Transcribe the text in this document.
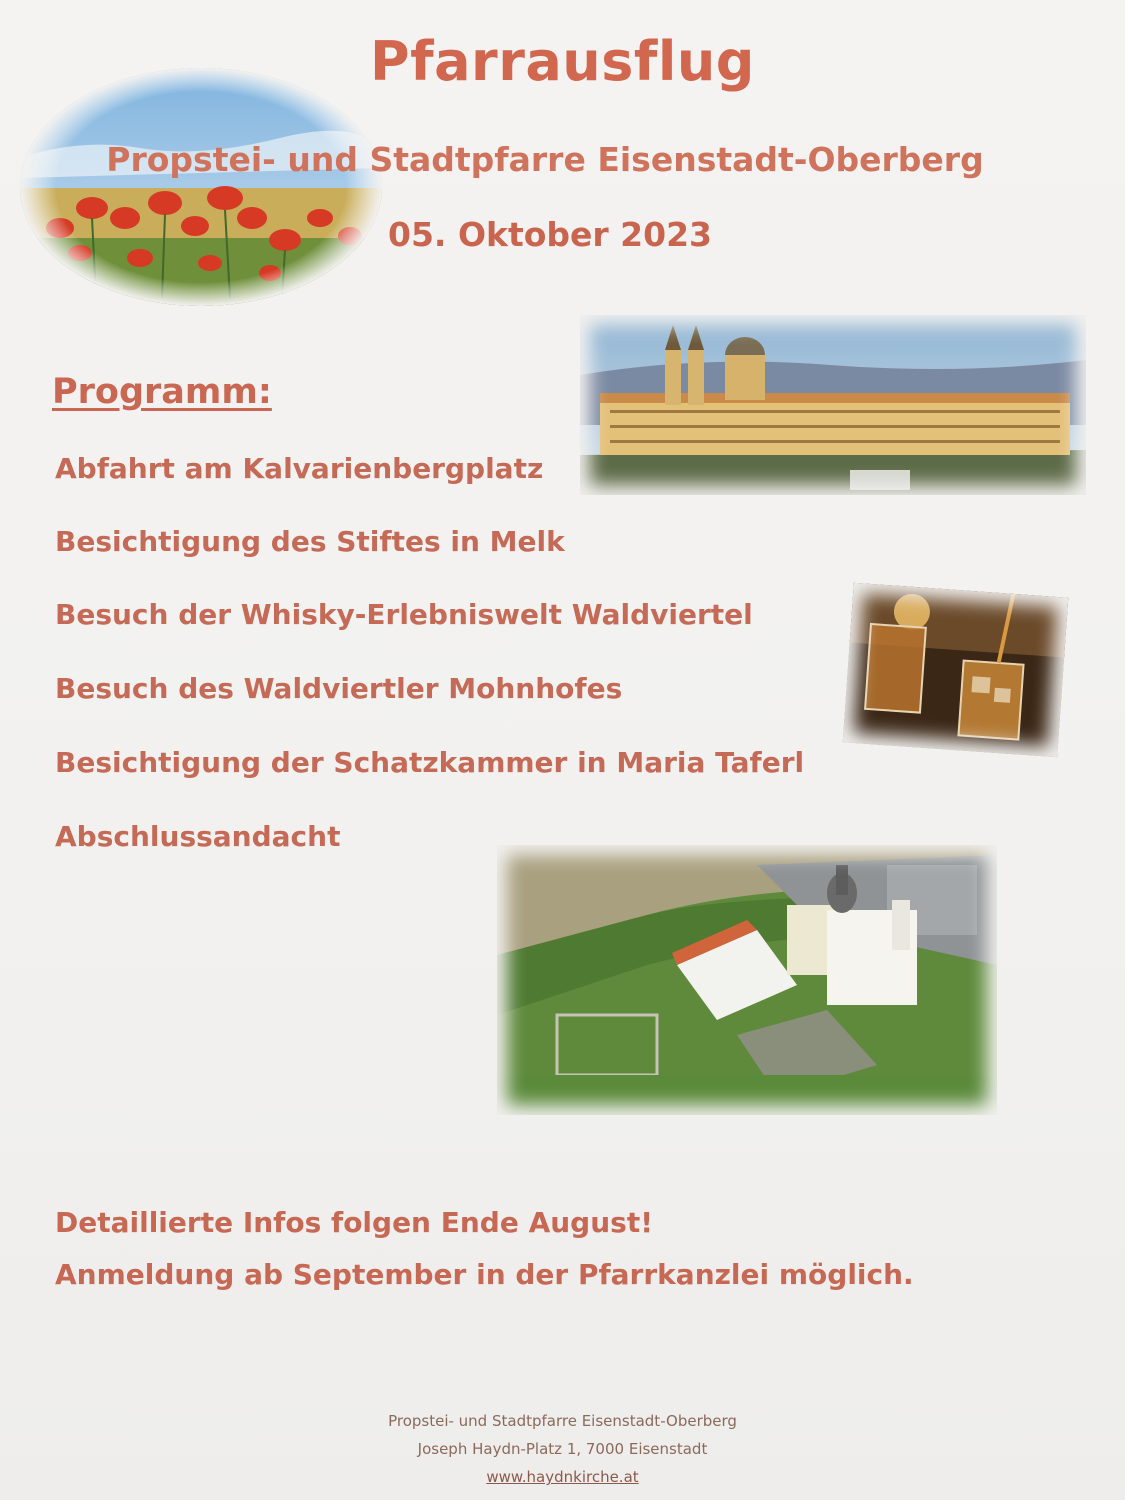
Pfarrausflug
Propstei- und Stadtpfarre Eisenstadt-Oberberg
05. Oktober 2023
Programm:
Abfahrt am Kalvarienbergplatz
Besichtigung des Stiftes in Melk
Besuch der Whisky-Erlebniswelt Waldviertel
Besuch des Waldviertler Mohnhofes
Besichtigung der Schatzkammer in Maria Taferl
Abschlussandacht
Detaillierte Infos folgen Ende August!
Anmeldung ab September in der Pfarrkanzlei möglich.
Propstei- und Stadtpfarre Eisenstadt-Oberberg
Joseph Haydn-Platz 1, 7000 Eisenstadt
www.haydnkirche.at
